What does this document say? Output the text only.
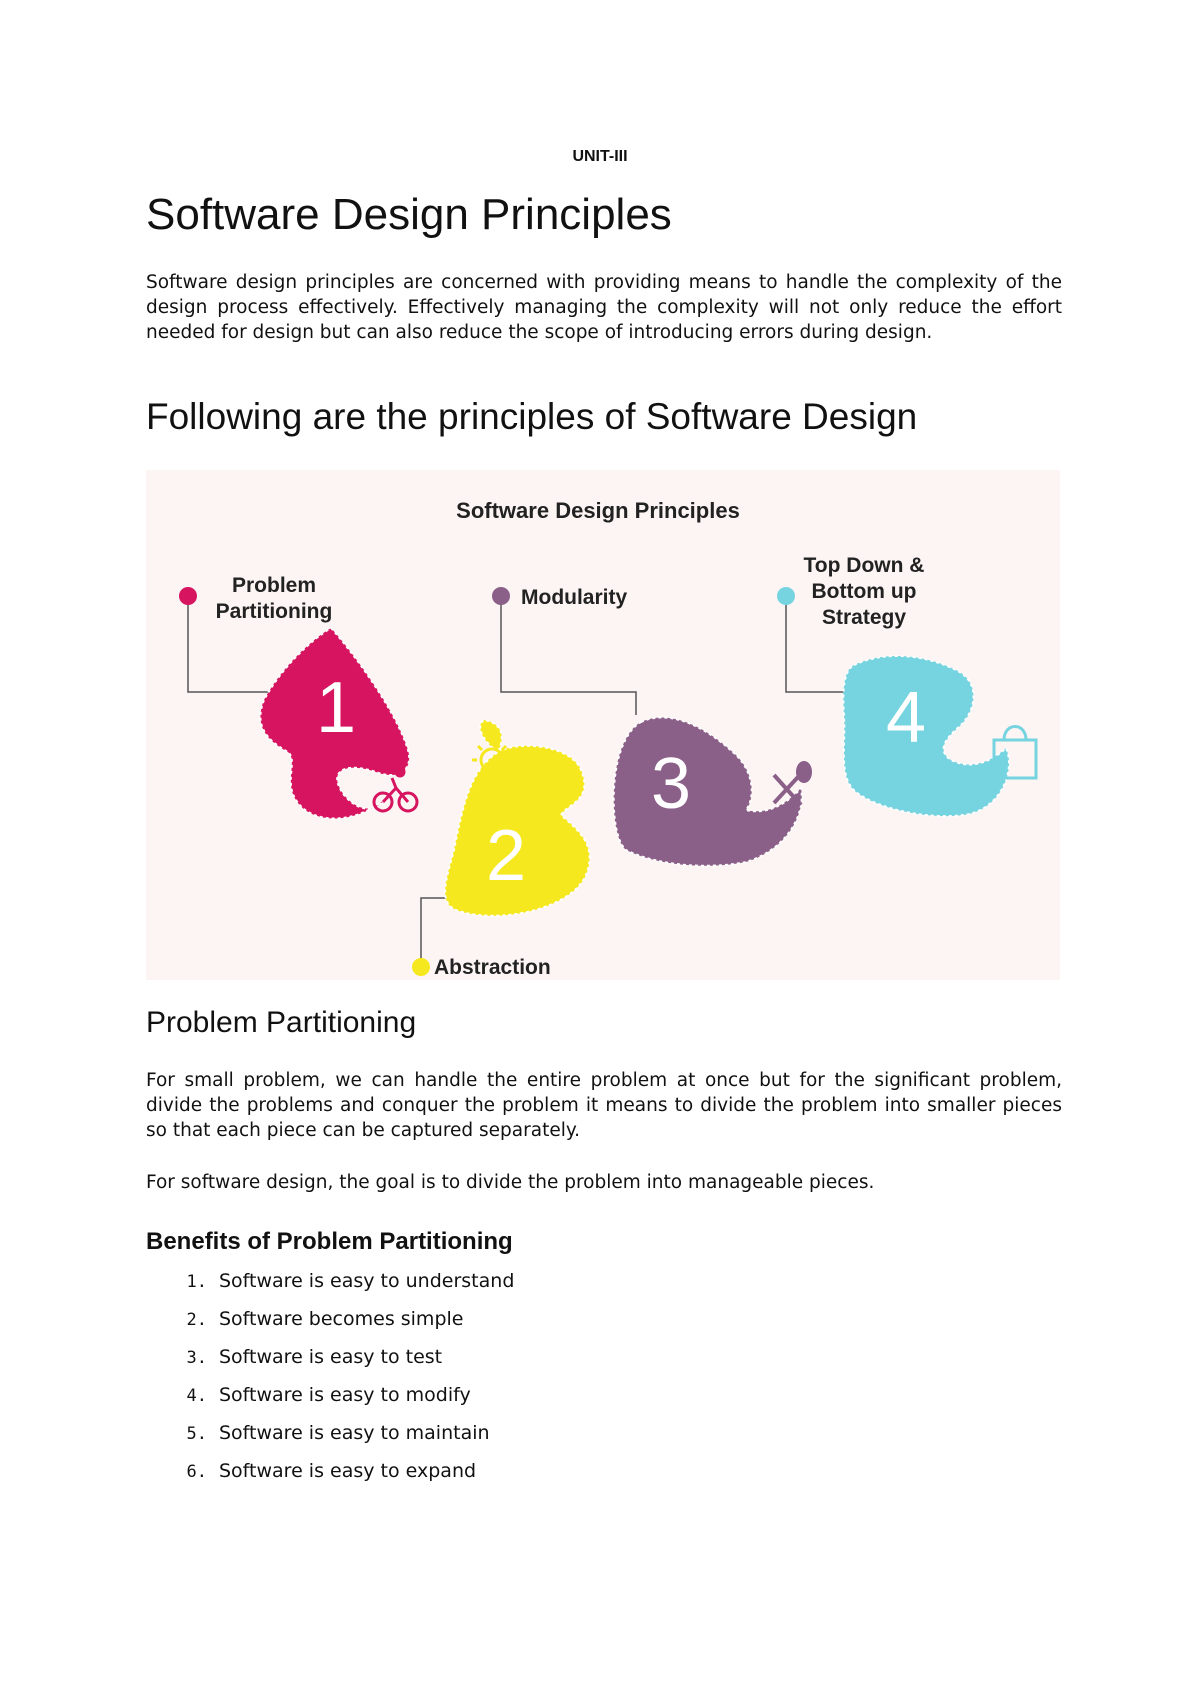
UNIT-III
Software Design Principles

Software design principles are concerned with providing means to handle the complexity of the design process effectively. Effectively managing the complexity will not only reduce the effort needed for design but can also reduce the scope of introducing errors during design.

Following are the principles of Software Design
Software Design Principles
1
2
3
4
Problem
Partitioning
Modularity
Top Down &
Bottom up
Strategy
Abstraction
Problem Partitioning

For small problem, we can handle the entire problem at once but for the significant problem, divide the problems and conquer the problem it means to divide the problem into smaller pieces so that each piece can be captured separately.

For software design, the goal is to divide the problem into manageable pieces.

Benefits of Problem Partitioning
1. Software is easy to understand
2. Software becomes simple
3. Software is easy to test
4. Software is easy to modify
5. Software is easy to maintain
6. Software is easy to expand
